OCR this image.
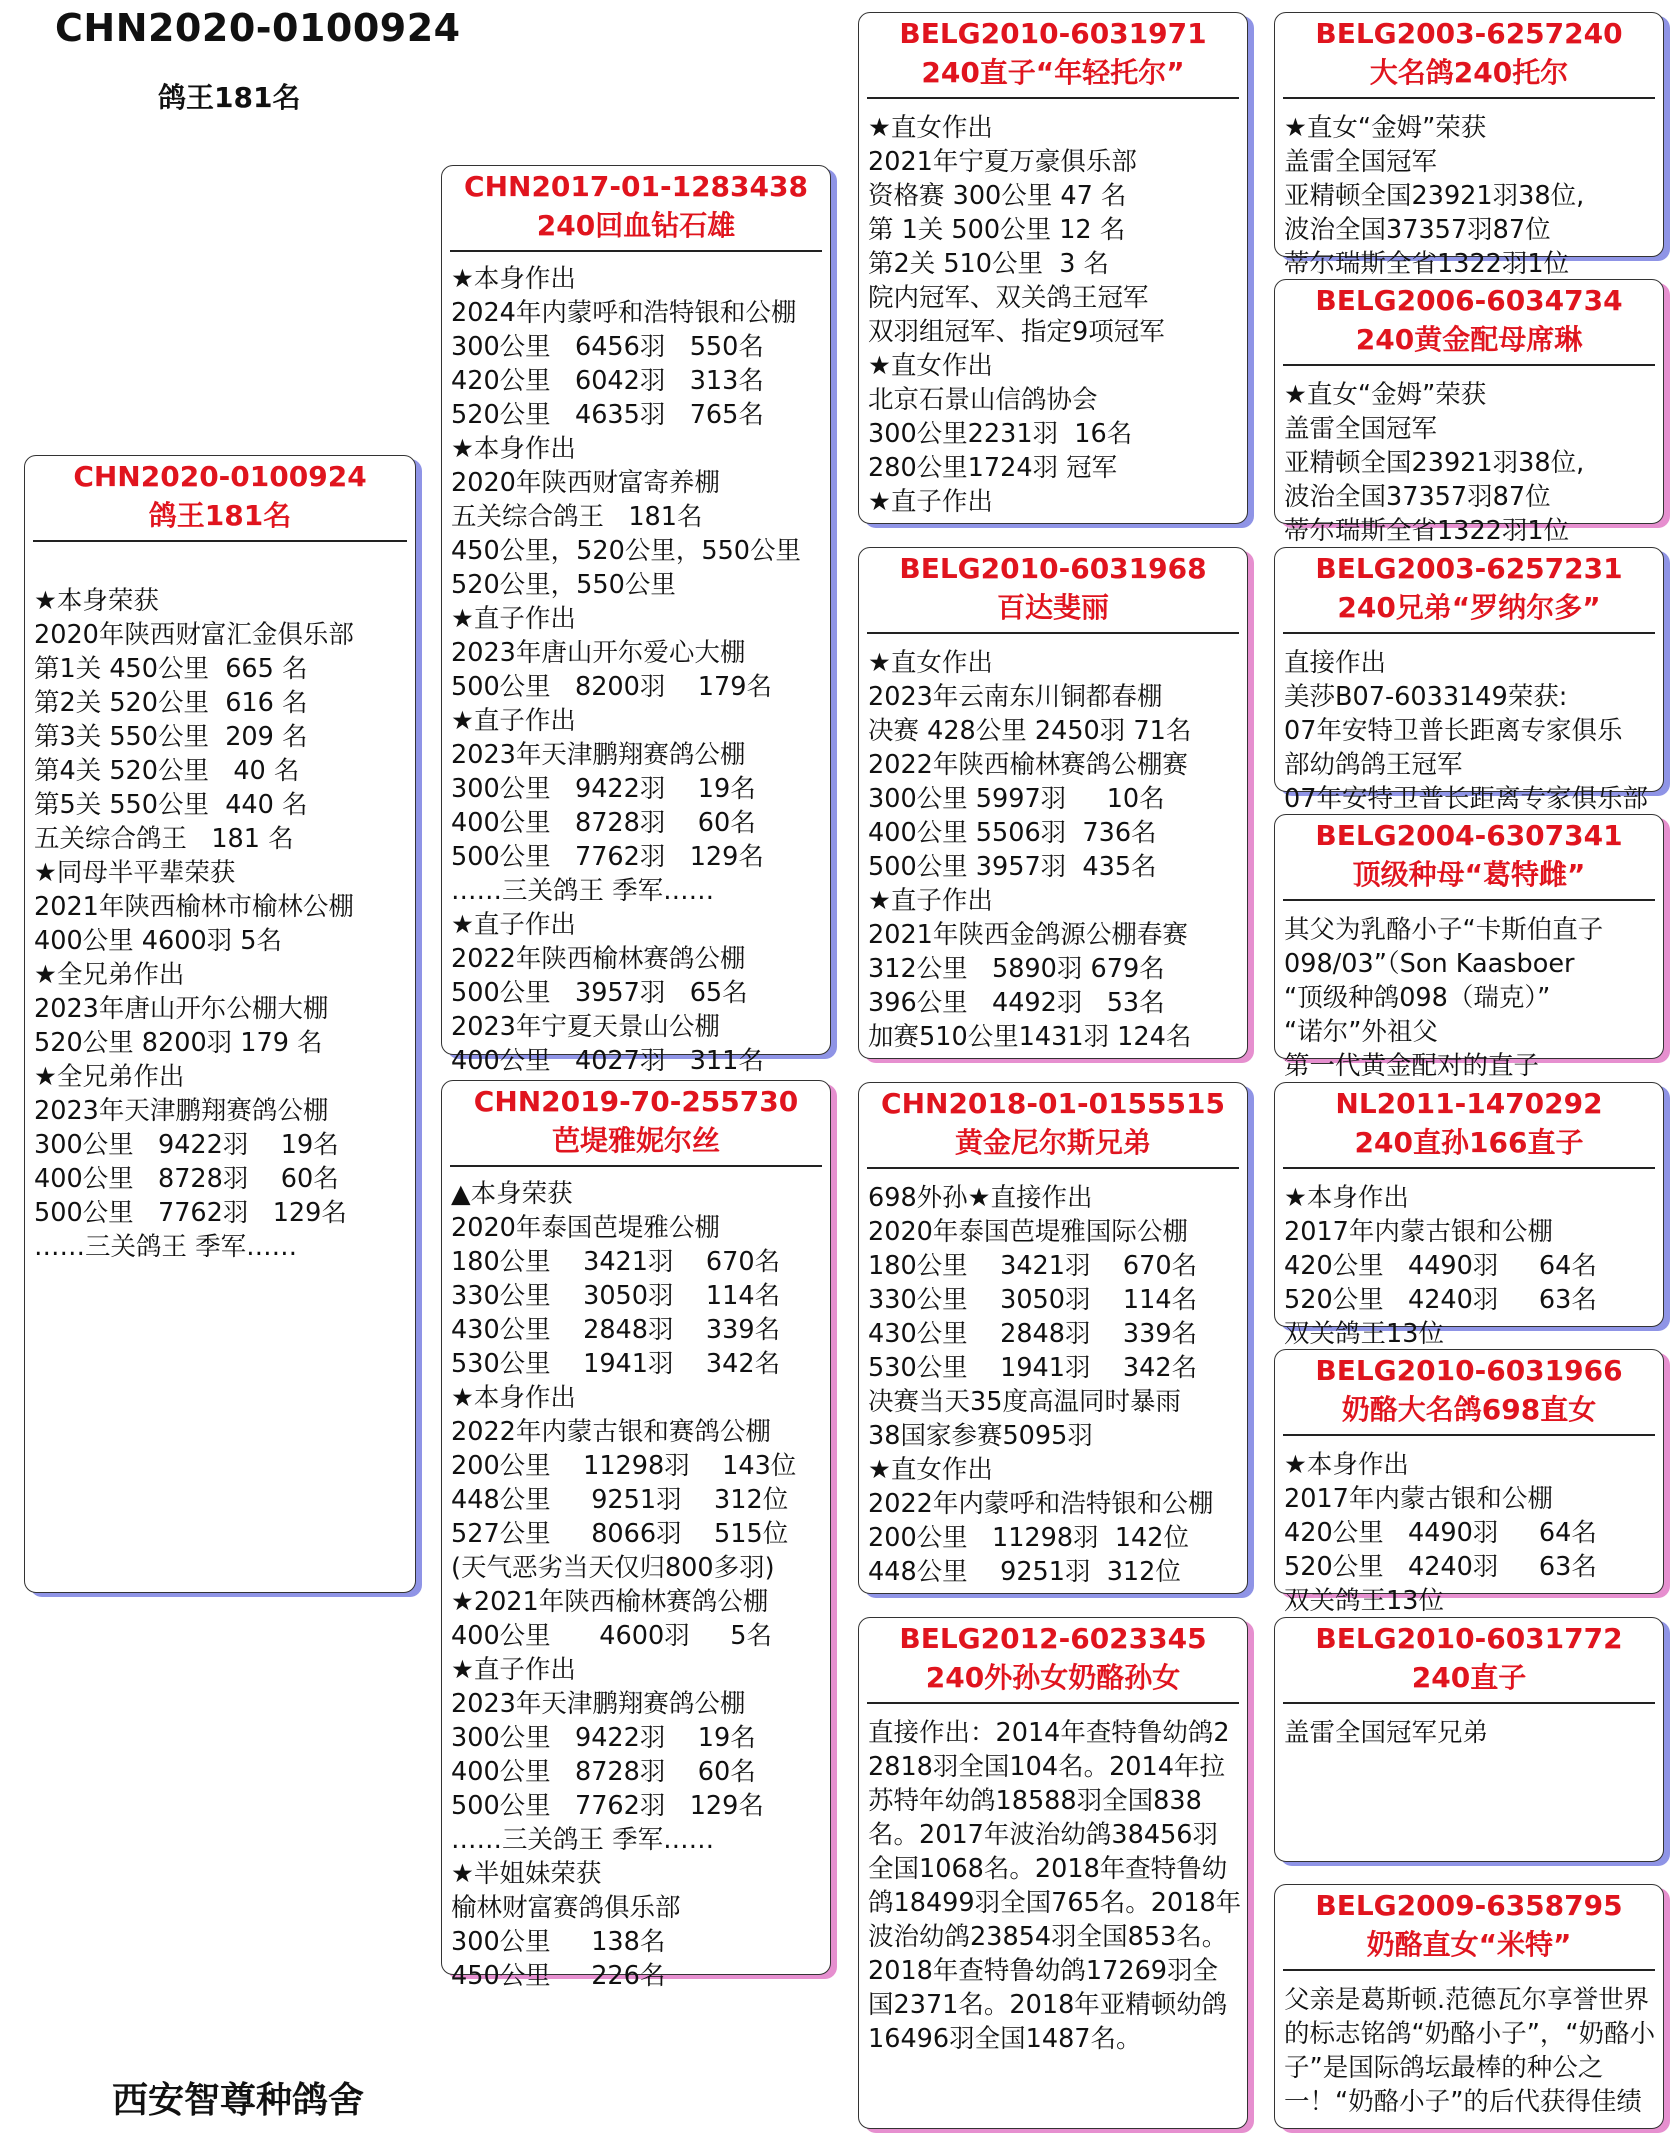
CHN2020-0100924
鸽王181名
西安智尊种鸽舍
CHN2020-0100924
鸽王181名

★本身荣获
2020年陕西财富汇金俱乐部
第1关 450公里  665 名
第2关 520公里  616 名
第3关 550公里  209 名
第4关 520公里   40 名
第5关 550公里  440 名
五关综合鸽王   181 名
★同母半平辈荣获
2021年陕西榆林市榆林公棚
400公里 4600羽 5名
★全兄弟作出
2023年唐山开尓公棚大棚
520公里 8200羽 179 名
★全兄弟作出
2023年天津鹏翔赛鸽公棚
300公里   9422羽    19名
400公里   8728羽    60名
500公里   7762羽   129名
……三关鸽王 季军……
CHN2017-01-1283438
240回血钻石雄
★本身作出
2024年内蒙呼和浩特银和公棚
300公里   6456羽   550名
420公里   6042羽   313名
520公里   4635羽   765名
★本身作出
2020年陕西财富寄养棚
五关综合鸽王   181名
450公里，520公里，550公里
520公里，550公里
★直子作出
2023年唐山开尓爱心大棚
500公里   8200羽    179名
★直子作出
2023年天津鹏翔赛鸽公棚
300公里   9422羽    19名
400公里   8728羽    60名
500公里   7762羽   129名
……三关鸽王 季军……
★直子作出
2022年陕西榆林赛鸽公棚
500公里   3957羽   65名
2023年宁夏天景山公棚
400公里   4027羽   311名
CHN2019-70-255730
芭堤雅妮尔丝
▲本身荣获
2020年泰国芭堤雅公棚
180公里    3421羽    670名
330公里    3050羽    114名
430公里    2848羽    339名
530公里    1941羽    342名
★本身作出
2022年内蒙古银和赛鸽公棚
200公里    11298羽    143位
448公里     9251羽    312位
527公里     8066羽    515位
(天气恶劣当天仅归800多羽)
★2021年陕西榆林赛鸽公棚
400公里      4600羽     5名
★直子作出
2023年天津鹏翔赛鸽公棚
300公里   9422羽    19名
400公里   8728羽    60名
500公里   7762羽   129名
……三关鸽王 季军……
★半姐妹荣获
榆林财富赛鸽俱乐部
300公里     138名
450公里     226名
BELG2010-6031971
240直子“年轻托尔”
★直女作出
2021年宁夏万豪俱乐部
资格赛 300公里 47 名
第 1关 500公里 12 名
第2关 510公里  3 名
院内冠军、双关鸽王冠军
双羽组冠军、指定9项冠军
★直女作出
北京石景山信鸽协会
300公里2231羽  16名
280公里1724羽 冠军
★直子作出
BELG2010-6031968
百达斐丽
★直女作出
2023年云南东川铜都春棚
决赛 428公里 2450羽 71名
2022年陕西榆林赛鸽公棚赛
300公里 5997羽     10名
400公里 5506羽  736名
500公里 3957羽  435名
★直子作出
2021年陕西金鸽源公棚春赛
312公里   5890羽 679名
396公里   4492羽   53名
加赛510公里1431羽 124名
CHN2018-01-0155515
黄金尼尔斯兄弟
698外孙★直接作出
2020年泰国芭堤雅国际公棚
180公里    3421羽    670名
330公里    3050羽    114名
430公里    2848羽    339名
530公里    1941羽    342名
决赛当天35度高温同时暴雨
38国家参赛5095羽
★直女作出
2022年内蒙呼和浩特银和公棚
200公里   11298羽  142位
448公里    9251羽  312位
BELG2012-6023345
240外孙女奶酪孙女
直接作出：2014年查特鲁幼鸽22818羽全国104名。2014年拉苏特年幼鸽18588羽全国838名。2017年波治幼鸽38456羽全国1068名。2018年查特鲁幼鸽18499羽全国765名。2018年波治幼鸽23854羽全国853名。2018年查特鲁幼鸽17269羽全国2371名。2018年亚精顿幼鸽16496羽全国1487名。
BELG2003-6257240
大名鸽240托尔
★直女“金姆”荣获
盖雷全国冠军
亚精顿全国23921羽38位,
波治全国37357羽87位
蒂尔瑞斯全省1322羽1位
BELG2006-6034734
240黄金配母席琳
★直女“金姆”荣获
盖雷全国冠军
亚精顿全国23921羽38位,
波治全国37357羽87位
蒂尔瑞斯全省1322羽1位
BELG2003-6257231
240兄弟“罗纳尔多”
直接作出
美莎B07-6033149荣获:
07年安特卫普长距离专家俱乐
部幼鸽鸽王冠军
07年安特卫普长距离专家俱乐部
BELG2004-6307341
顶级种母“葛特雌”
其父为乳酪小子“卡斯伯直子
098/03”（Son Kaasboer
“顶级种鸽098（瑞克）”
“诺尔”外祖父
第一代黄金配对的直子
NL2011-1470292
240直孙166直子
★本身作出
2017年内蒙古银和公棚
420公里   4490羽     64名
520公里   4240羽     63名
双关鸽王13位
BELG2010-6031966
奶酪大名鸽698直女
★本身作出
2017年内蒙古银和公棚
420公里   4490羽     64名
520公里   4240羽     63名
双关鸽王13位
BELG2010-6031772
240直子
盖雷全国冠军兄弟
BELG2009-6358795
奶酪直女“米特”
父亲是葛斯顿.范德瓦尔享誉世界的标志铭鸽“奶酪小子”，“奶酪小子”是国际鸽坛最棒的种公之一！“奶酪小子”的后代获得佳绩
